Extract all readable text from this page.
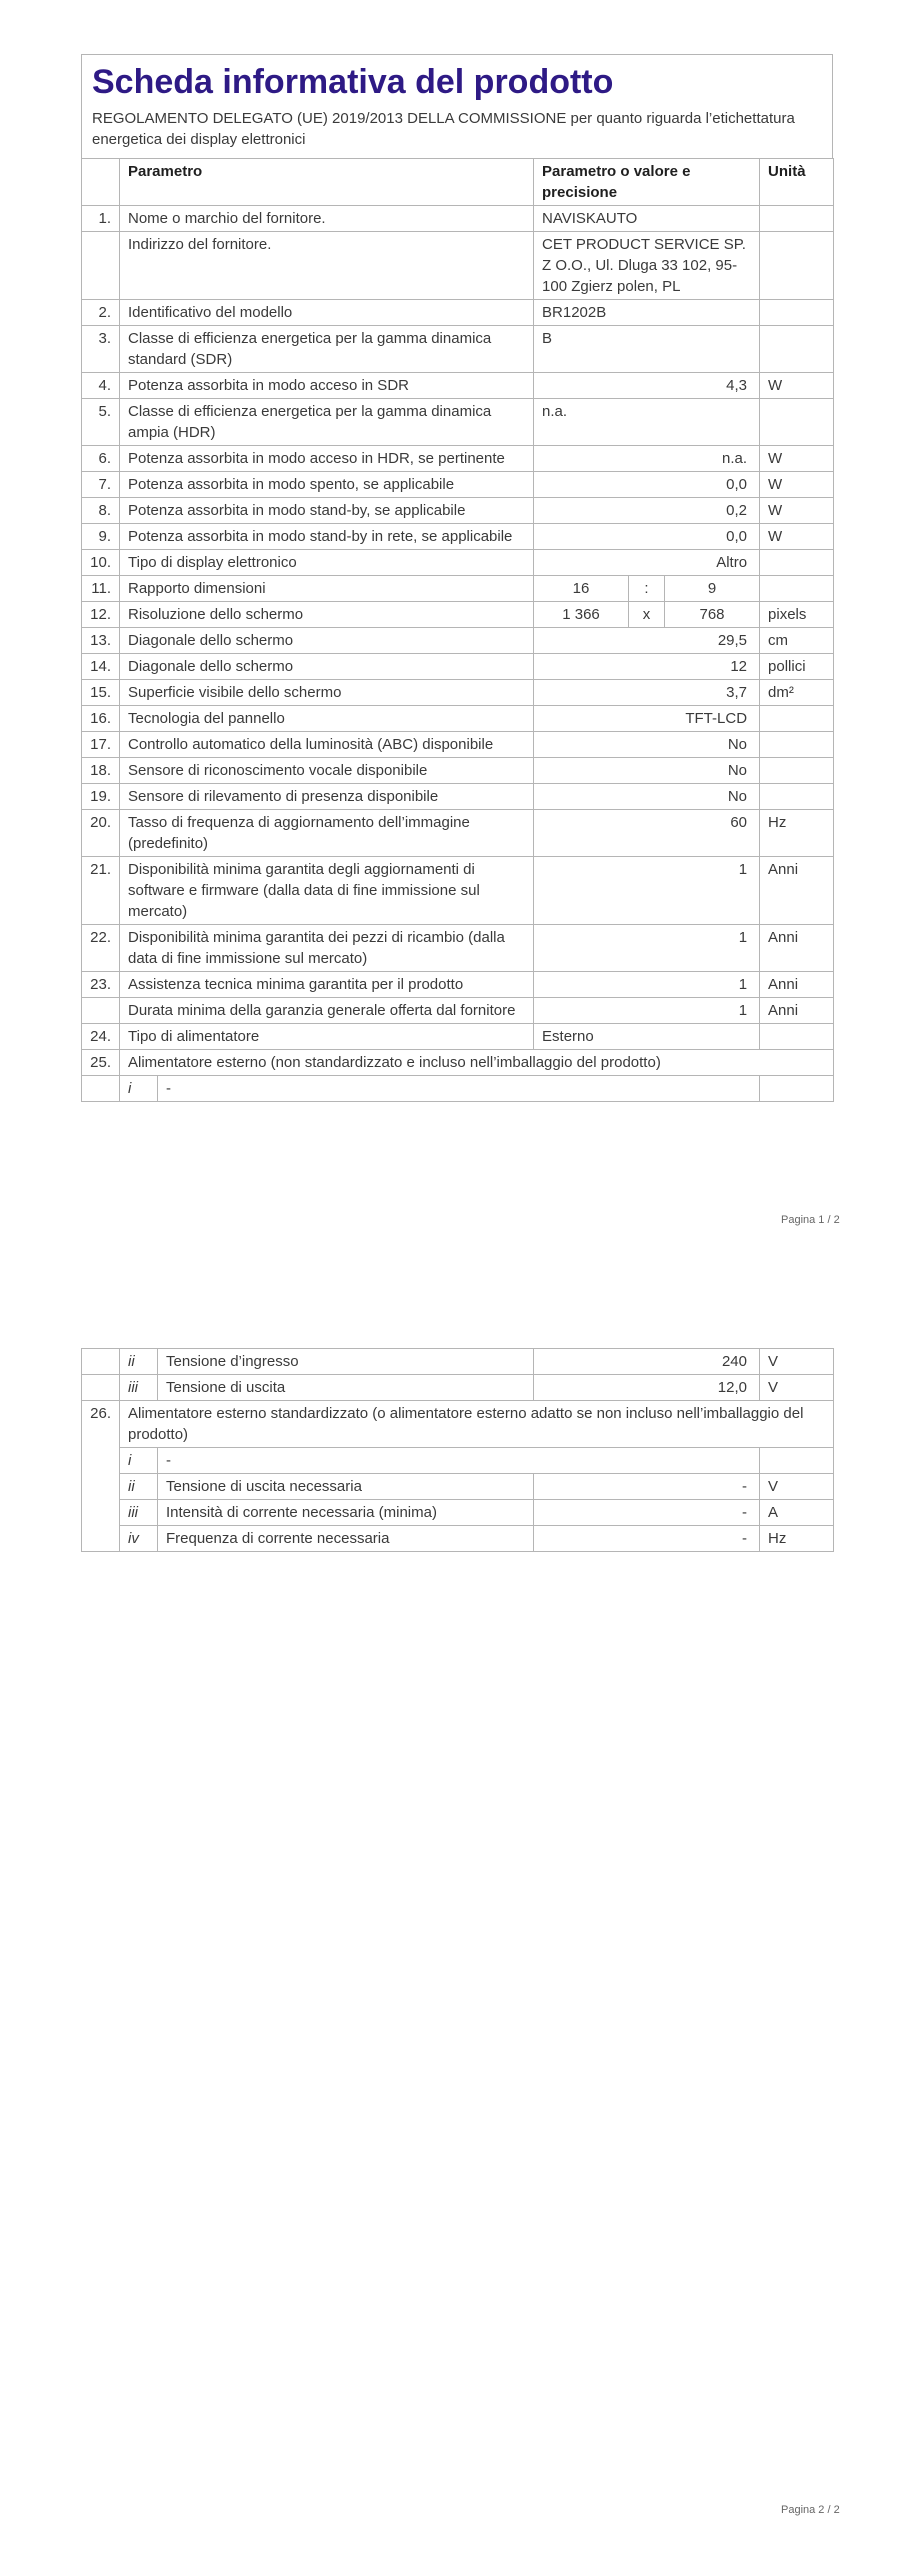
Scheda informativa del prodotto
REGOLAMENTO DELEGATO (UE) 2019/2013 DELLA COMMISSIONE per quanto riguarda l’etichettatura energetica dei display elettronici
	Parametro		Parametro o valore e precisione			Unità
1.	Nome o marchio del fornitore.		NAVISKAUTO			
	Indirizzo del fornitore.		CET PRODUCT SERVICE SP. Z O.O., Ul. Dluga 33 102, 95-100 Zgierz polen, PL			
2.	Identificativo del modello		BR1202B			
3.	Classe di efficienza energetica per la gamma dinamica standard (SDR)		B			
4.	Potenza assorbita in modo acceso in SDR		4,3			W
5.	Classe di efficienza energetica per la gamma dinamica ampia (HDR)		n.a.			
6.	Potenza assorbita in modo acceso in HDR, se pertinente		n.a.			W
7.	Potenza assorbita in modo spento, se applicabile		0,0			W
8.	Potenza assorbita in modo stand-by, se applicabile		0,2			W
9.	Potenza assorbita in modo stand-by in rete, se applicabile		0,0			W
10.	Tipo di display elettronico		Altro			
11.	Rapporto dimensioni		16	:	9	
12.	Risoluzione dello schermo		1 366	x	768	pixels
13.	Diagonale dello schermo		29,5			cm
14.	Diagonale dello schermo		12			pollici
15.	Superficie visibile dello schermo		3,7			dm²
16.	Tecnologia del pannello		TFT-LCD			
17.	Controllo automatico della luminosità (ABC) disponibile		No			
18.	Sensore di riconoscimento vocale disponibile		No			
19.	Sensore di rilevamento di presenza disponibile		No			
20.	Tasso di frequenza di aggiornamento dell’immagine (predefinito)		60			Hz
21.	Disponibilità minima garantita degli aggiornamenti di software e firmware (dalla data di fine immissione sul mercato)		1			Anni
22.	Disponibilità minima garantita dei pezzi di ricambio (dalla data di fine immissione sul mercato)		1			Anni
23.	Assistenza tecnica minima garantita per il prodotto		1			Anni
	Durata minima della garanzia generale offerta dal fornitore		1			Anni
24.	Tipo di alimentatore		Esterno			
25.	Alimentatore esterno (non standardizzato e incluso nell’imballaggio del prodotto)					
	i	-				
Pagina 1 / 2
	ii	Tensione d’ingresso	240	V
	iii	Tensione di uscita	12,0	V
26.	Alimentatore esterno standardizzato (o alimentatore esterno adatto se non incluso nell’imballaggio del prodotto)			
	i	-		
	ii	Tensione di uscita necessaria	-	V
	iii	Intensità di corrente necessaria (minima)	-	A
	iv	Frequenza di corrente necessaria	-	Hz
Pagina 2 / 2
